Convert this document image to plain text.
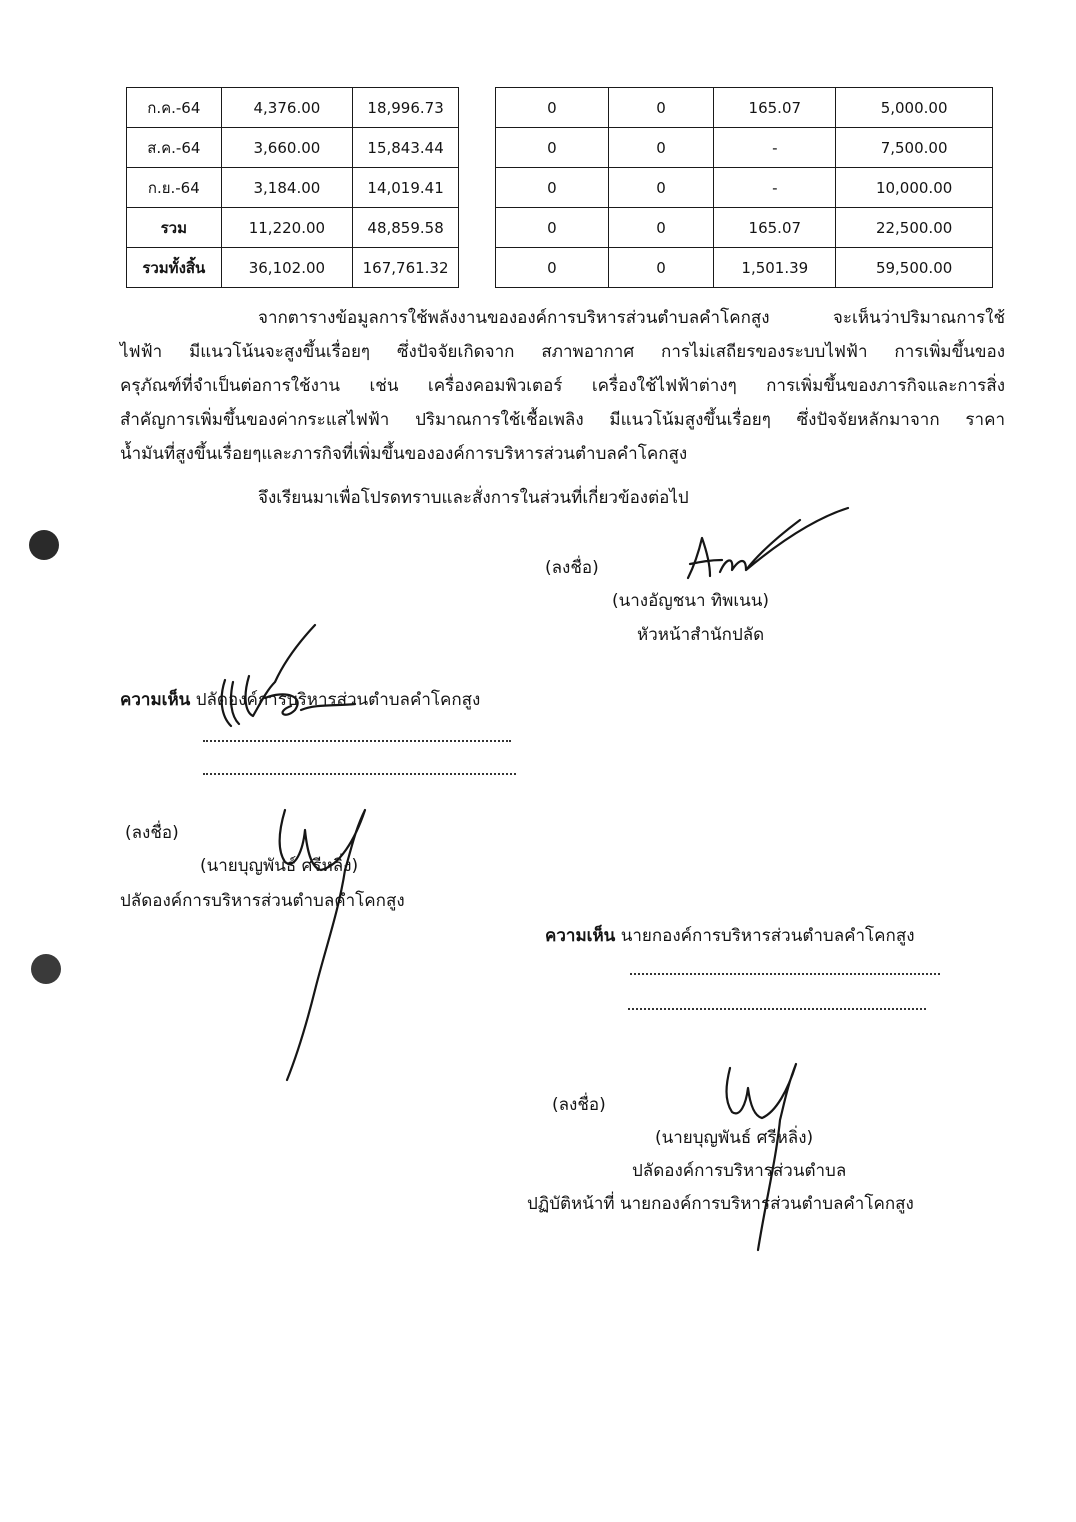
ก.ค.-64	4,376.00	18,996.73
ส.ค.-64	3,660.00	15,843.44
ก.ย.-64	3,184.00	14,019.41
รวม	11,220.00	48,859.58
รวมทั้งสิ้น	36,102.00	167,761.32
0	0	165.07	5,000.00
0	0	-	7,500.00
0	0	-	10,000.00
0	0	165.07	22,500.00
0	0	1,501.39	59,500.00
จากตารางข้อมูลการใช้พลังงานขององค์การบริหารส่วนตำบลคำโคกสูง จะเห็นว่าปริมาณการใช้
ไฟฟ้า มีแนวโน้นจะสูงขึ้นเรื่อยๆ ซึ่งปัจจัยเกิดจาก สภาพอากาศ การไม่เสถียรของระบบไฟฟ้า การเพิ่มขึ้นของ
ครุภัณฑ์ที่จำเป็นต่อการใช้งาน เช่น เครื่องคอมพิวเตอร์ เครื่องใช้ไฟฟ้าต่างๆ การเพิ่มขึ้นของภารกิจและการสิ่ง
สำคัญการเพิ่มขึ้นของค่ากระแสไฟฟ้า ปริมาณการใช้เชื้อเพลิง มีแนวโน้มสูงขึ้นเรื่อยๆ ซึ่งปัจจัยหลักมาจาก ราคา
น้ำมันที่สูงขึ้นเรื่อยๆและภารกิจที่เพิ่มขึ้นขององค์การบริหารส่วนตำบลคำโคกสูง
จึงเรียนมาเพื่อโปรดทราบและสั่งการในส่วนที่เกี่ยวข้องต่อไป
(ลงชื่อ)
(นางอัญชนา ทิพเนน)
หัวหน้าสำนักปลัด
ความเห็น ปลัดองค์การบริหารส่วนตำบลคำโคกสูง
(ลงชื่อ)
(นายบุญพันธ์ ศรีหลิ่ง)
ปลัดองค์การบริหารส่วนตำบลคำโคกสูง
ความเห็น นายกองค์การบริหารส่วนตำบลคำโคกสูง
(ลงชื่อ)
(นายบุญพันธ์ ศรีหลิ่ง)
ปลัดองค์การบริหารส่วนตำบล
ปฏิบัติหน้าที่ นายกองค์การบริหารส่วนตำบลคำโคกสูง
